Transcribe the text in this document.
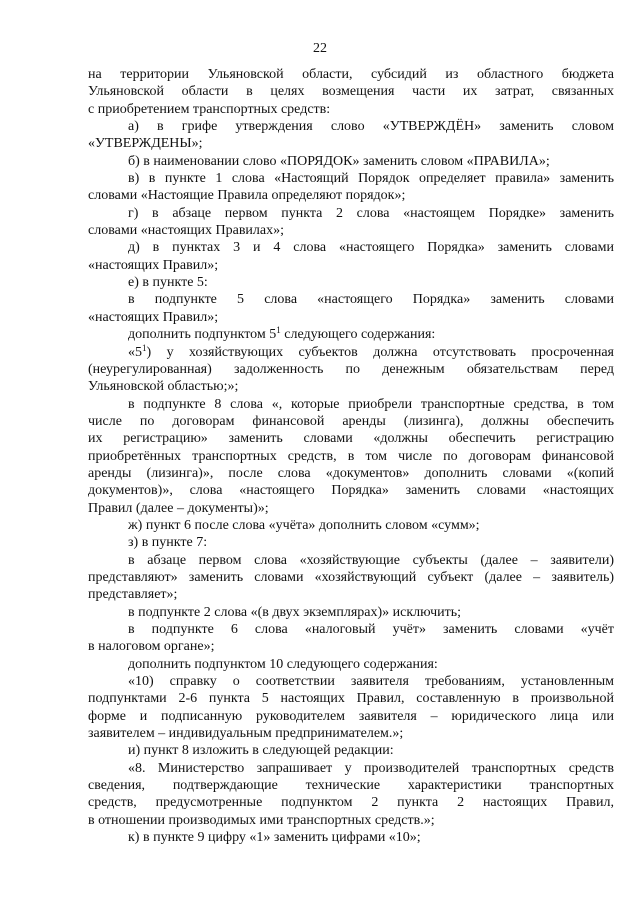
22
на территории Ульяновской области, субсидий из областного бюджета
Ульяновской области в целях возмещения части их затрат, связанных
с приобретением транспортных средств:
а) в грифе утверждения слово «УТВЕРЖДЁН» заменить словом
«УТВЕРЖДЕНЫ»;
б) в наименовании слово «ПОРЯДОК» заменить словом «ПРАВИЛА»;
в) в пункте 1 слова «Настоящий Порядок определяет правила» заменить
словами «Настоящие Правила определяют порядок»;
г) в абзаце первом пункта 2 слова «настоящем Порядке» заменить
словами «настоящих Правилах»;
д) в пунктах 3 и 4 слова «настоящего Порядка» заменить словами
«настоящих Правил»;
е) в пункте 5:
в подпункте 5 слова «настоящего Порядка» заменить словами
«настоящих Правил»;
дополнить подпунктом $5^1$ следующего содержания:
«$5^1$) у хозяйствующих субъектов должна отсутствовать просроченная
(неурегулированная) задолженность по денежным обязательствам перед
Ульяновской областью;»;
в подпункте 8 слова «, которые приобрели транспортные средства, в том
числе по договорам финансовой аренды (лизинга), должны обеспечить
их регистрацию» заменить словами «должны обеспечить регистрацию
приобретённых транспортных средств, в том числе по договорам финансовой
аренды (лизинга)», после слова «документов» дополнить словами «(копий
документов)», слова «настоящего Порядка» заменить словами «настоящих
Правил (далее – документы)»;
ж) пункт 6 после слова «учёта» дополнить словом «сумм»;
з) в пункте 7:
в абзаце первом слова «хозяйствующие субъекты (далее – заявители)
представляют» заменить словами «хозяйствующий субъект (далее – заявитель)
представляет»;
в подпункте 2 слова «(в двух экземплярах)» исключить;
в подпункте 6 слова «налоговый учёт» заменить словами «учёт
в налоговом органе»;
дополнить подпунктом 10 следующего содержания:
«10) справку о соответствии заявителя требованиям, установленным
подпунктами 2-6 пункта 5 настоящих Правил, составленную в произвольной
форме и подписанную руководителем заявителя – юридического лица или
заявителем – индивидуальным предпринимателем.»;
и) пункт 8 изложить в следующей редакции:
«8. Министерство запрашивает у производителей транспортных средств
сведения, подтверждающие технические характеристики транспортных
средств, предусмотренные подпунктом 2 пункта 2 настоящих Правил,
в отношении производимых ими транспортных средств.»;
к) в пункте 9 цифру «1» заменить цифрами «10»;
